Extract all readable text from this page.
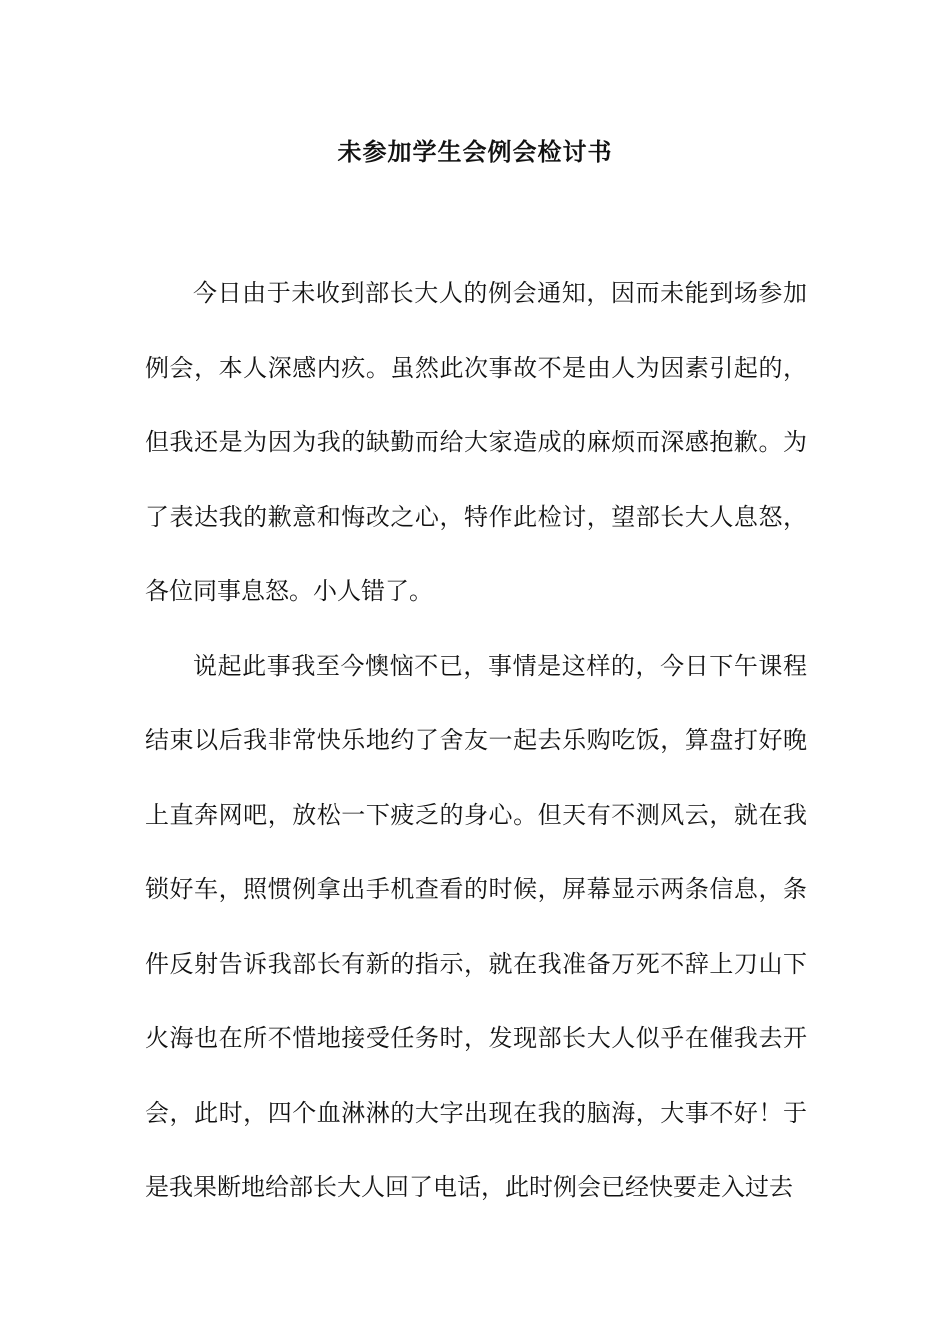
未参加学生会例会检讨书

今日由于未收到部长大人的例会通知，因而未能到场参加例会，本人深感内疚。虽然此次事故不是由人为因素引起的，但我还是为因为我的缺勤而给大家造成的麻烦而深感抱歉。为了表达我的歉意和悔改之心，特作此检讨，望部长大人息怒，各位同事息怒。小人错了。

说起此事我至今懊恼不已，事情是这样的，今日下午课程结束以后我非常快乐地约了舍友一起去乐购吃饭，算盘打好晚上直奔网吧，放松一下疲乏的身心。但天有不测风云，就在我锁好车，照惯例拿出手机查看的时候，屏幕显示两条信息，条件反射告诉我部长有新的指示，就在我准备万死不辞上刀山下火海也在所不惜地接受任务时，发现部长大人似乎在催我去开会，此时，四个血淋淋的大字出现在我的脑海，大事不好！于是我果断地给部长大人回了电话，此时例会已经快要走入过去
